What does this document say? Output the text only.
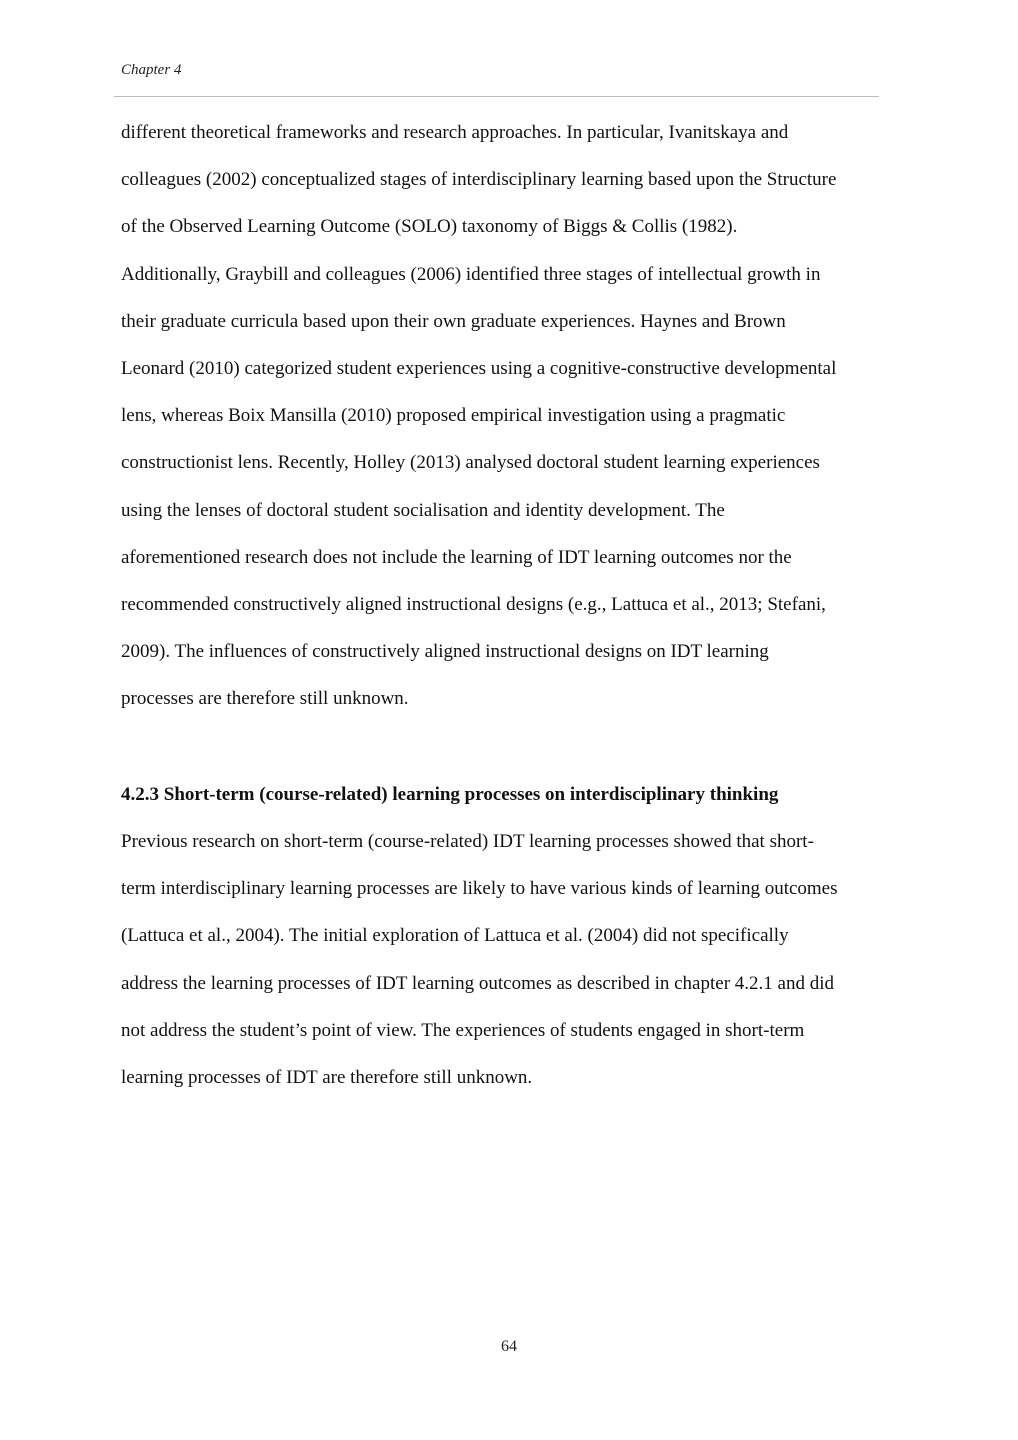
Chapter 4

different theoretical frameworks and research approaches. In particular, Ivanitskaya and
colleagues (2002) conceptualized stages of interdisciplinary learning based upon the Structure
of the Observed Learning Outcome (SOLO) taxonomy of Biggs & Collis (1982).
Additionally, Graybill and colleagues (2006) identified three stages of intellectual growth in
their graduate curricula based upon their own graduate experiences. Haynes and Brown
Leonard (2010) categorized student experiences using a cognitive-constructive developmental
lens, whereas Boix Mansilla (2010) proposed empirical investigation using a pragmatic
constructionist lens. Recently, Holley (2013) analysed doctoral student learning experiences
using the lenses of doctoral student socialisation and identity development. The
aforementioned research does not include the learning of IDT learning outcomes nor the
recommended constructively aligned instructional designs (e.g., Lattuca et al., 2013; Stefani,
2009). The influences of constructively aligned instructional designs on IDT learning
processes are therefore still unknown.

4.2.3 Short-term (course-related) learning processes on interdisciplinary thinking

Previous research on short-term (course-related) IDT learning processes showed that short-
term interdisciplinary learning processes are likely to have various kinds of learning outcomes
(Lattuca et al., 2004). The initial exploration of Lattuca et al. (2004) did not specifically
address the learning processes of IDT learning outcomes as described in chapter 4.2.1 and did
not address the student’s point of view. The experiences of students engaged in short-term
learning processes of IDT are therefore still unknown.

64
